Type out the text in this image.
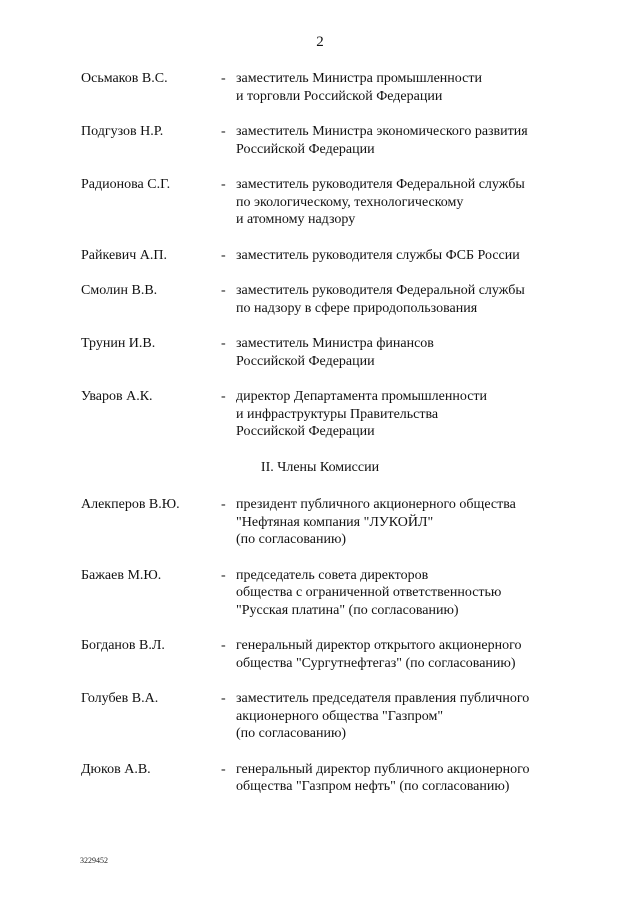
2
Осьмаков В.С.	- заместитель Министра промышленности
и торговли Российской Федерации
Подгузов Н.Р.	- заместитель Министра экономического развития
Российской Федерации
Радионова С.Г.	- заместитель руководителя Федеральной службы
по экологическому, технологическому
и атомному надзору
Райкевич А.П.	- заместитель руководителя службы ФСБ России
Смолин В.В.	- заместитель руководителя Федеральной службы
по надзору в сфере природопользования
Трунин И.В.	- заместитель Министра финансов
Российской Федерации
Уваров А.К.	- директор Департамента промышленности
и инфраструктуры Правительства
Российской Федерации
II. Члены Комиссии
Алекперов В.Ю.	- президент публичного акционерного общества
"Нефтяная компания "ЛУКОЙЛ"
(по согласованию)
Бажаев М.Ю.	- председатель совета директоров
общества с ограниченной ответственностью
"Русская платина" (по согласованию)
Богданов В.Л.	- генеральный директор открытого акционерного
общества "Сургутнефтегаз" (по согласованию)
Голубев В.А.	- заместитель председателя правления публичного
акционерного общества "Газпром"
(по согласованию)
Дюков А.В.	- генеральный директор публичного акционерного
общества "Газпром нефть" (по согласованию)
3229452
